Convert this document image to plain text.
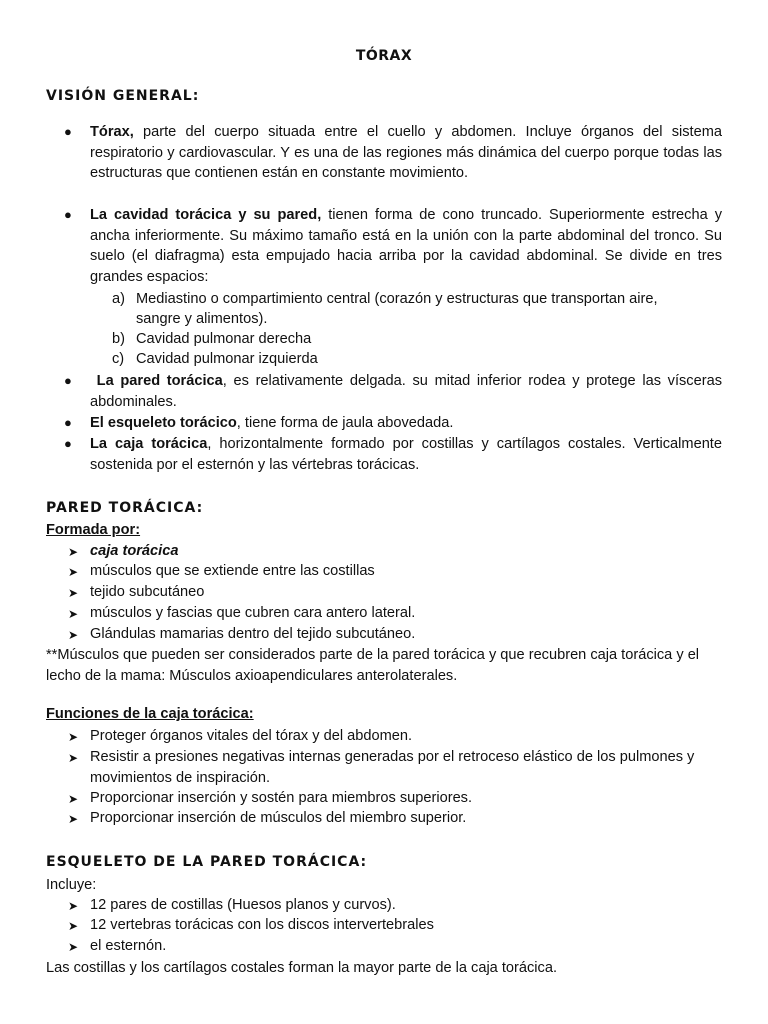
TÓRAX
VISIÓN GENERAL:
● Tórax, parte del cuerpo situada entre el cuello y abdomen. Incluye órganos del sistema respiratorio y cardiovascular. Y es una de las regiones más dinámica del cuerpo porque todas las estructuras que contienen están en constante movimiento.
● La cavidad torácica y su pared, tienen forma de cono truncado. Superiormente estrecha y ancha inferiormente. Su máximo tamaño está en la unión con la parte abdominal del tronco. Su suelo (el diafragma) esta empujado hacia arriba por la cavidad abdominal. Se divide en tres grandes espacios:
a) Mediastino o compartimiento central (corazón y estructuras que transportan aire,
sangre y alimentos).
b) Cavidad pulmonar derecha
c) Cavidad pulmonar izquierda
●	La pared torácica, es relativamente delgada. su mitad inferior rodea y protege las vísceras abdominales.
● El esqueleto torácico, tiene forma de jaula abovedada.
● La caja torácica, horizontalmente formado por costillas y cartílagos costales. Verticalmente sostenida por el esternón y las vértebras torácicas.
PARED TORÁCICA:
Formada por:
➤ caja torácica
➤ músculos que se extiende entre las costillas
➤ tejido subcutáneo
➤ músculos y fascias que cubren cara antero lateral.
➤ Glándulas mamarias dentro del tejido subcutáneo.
**Músculos que pueden ser considerados parte de la pared torácica y que recubren caja torácica y el lecho de la mama: Músculos axioapendiculares anterolaterales.
Funciones de la caja torácica:
➤ Proteger órganos vitales del tórax y del abdomen.
➤ Resistir a presiones negativas internas generadas por el retroceso elástico de los pulmones y movimientos de inspiración.
➤ Proporcionar inserción y sostén para miembros superiores.
➤ Proporcionar inserción de músculos del miembro superior.
ESQUELETO DE LA PARED TORÁCICA:
Incluye:
➤ 12 pares de costillas (Huesos planos y curvos).
➤ 12 vertebras torácicas con los discos intervertebrales
➤ el esternón.
Las costillas y los cartílagos costales forman la mayor parte de la caja torácica.
